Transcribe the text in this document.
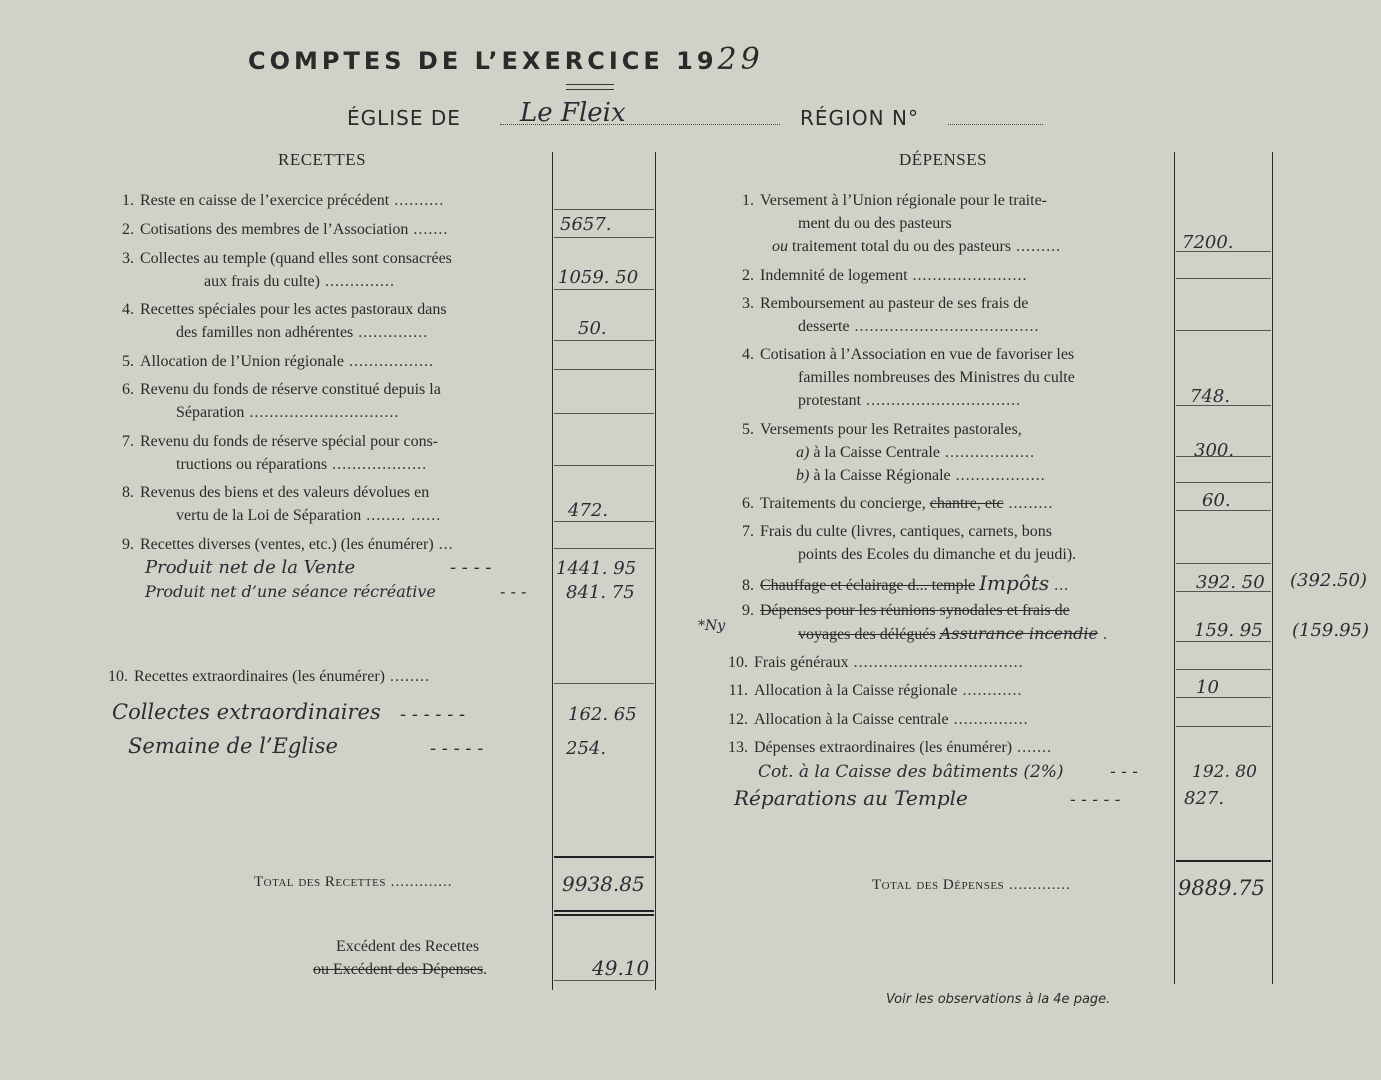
COMPTES DE L’EXERCICE 1929
ÉGLISE DE Le Fleix	RÉGION N°
RECETTES
1. Reste en caisse de l’exercice précédent ..........
2. Cotisations des membres de l’Association .......	5657.
3. Collectes au temple (quand elles sont consacrées
aux frais du culte) ..............	1059. 50
4. Recettes spéciales pour les actes pastoraux dans
des familles non adhérentes ..............	50.
5. Allocation de l’Union régionale .................
6. Revenu du fonds de réserve constitué depuis la
Séparation ..............................
7. Revenu du fonds de réserve spécial pour cons-
tructions ou réparations ...................
8. Revenus des biens et des valeurs dévolues en
vertu de la Loi de Séparation ........ ......	472.
9. Recettes diverses (ventes, etc.) (les énumérer) ...
Produit net de la Vente	- - - -	1441. 95
Produit net d’une séance récréative	- - - 841. 75
10. Recettes extraordinaires (les énumérer) ........
Collectes extraordinaires - - - - - -	162. 65
Semaine de l’Eglise	- - - - -	254.
Total des Recettes .............	9938.85
Excédent des Recettes
ou Excédent des Dépenses.	49.10
DÉPENSES
1. Versement à l’Union régionale pour le traite-
ment du ou des pasteurs
ou traitement total du ou des pasteurs .........	7200.
2. Indemnité de logement .......................
3. Remboursement au pasteur de ses frais de
desserte .....................................
4. Cotisation à l’Association en vue de favoriser les
familles nombreuses des Ministres du culte
protestant ...............................	748.
5. Versements pour les Retraites pastorales,
a) à la Caisse Centrale ..................	300.
b) à la Caisse Régionale ..................
6. Traitements du concierge, chantre, etc .........	60.
7. Frais du culte (livres, cantiques, carnets, bons
points des Ecoles du dimanche et du jeudi).
8. Chauffage et éclairage d... temple Impôts ...	392. 50 (392.50)
*Ny
9. Dépenses pour les réunions synodales et frais de
voyages des délégués Assurance incendie .	159. 95 (159.95)
10. Frais généraux ..................................
11. Allocation à la Caisse régionale ............	10
12. Allocation à la Caisse centrale ...............
13. Dépenses extraordinaires (les énumérer) .......
Cot. à la Caisse des bâtiments (2%)	- - -	192. 80
Réparations au Temple	- - - - -	827.
Total des Dépenses .............	9889.75
Voir les observations à la 4e page.
